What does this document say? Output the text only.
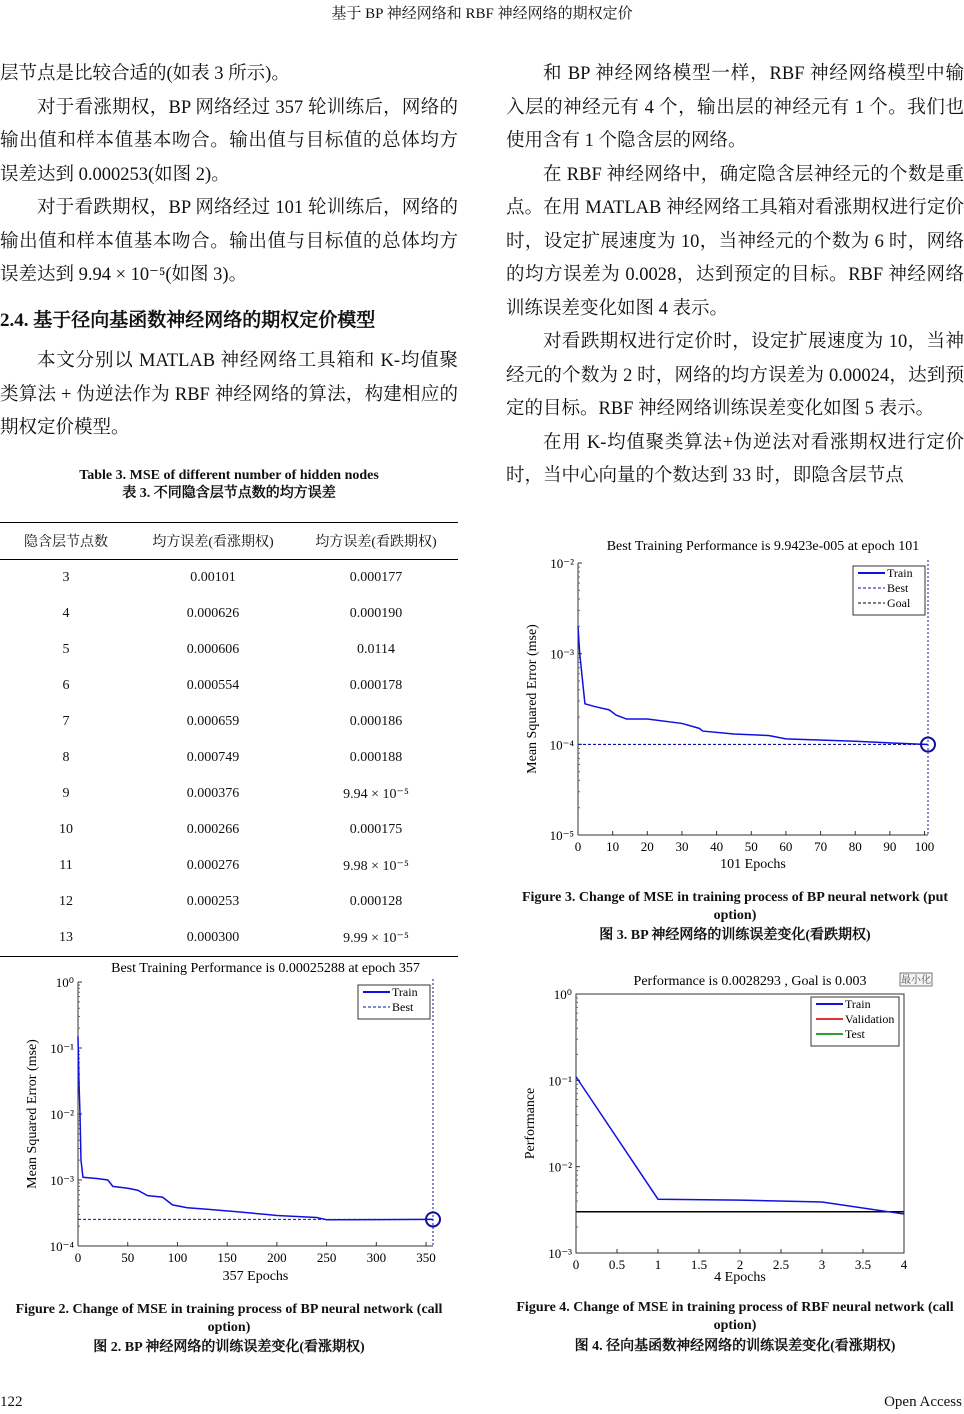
基于 BP 神经网络和 RBF 神经网络的期权定价

层节点是比较合适的(如表 3 所示)。

对于看涨期权，BP 网络经过 357 轮训练后，网络的输出值和样本值基本吻合。输出值与目标值的总体均方误差达到 0.000253(如图 2)。

对于看跌期权，BP 网络经过 101 轮训练后，网络的输出值和样本值基本吻合。输出值与目标值的总体均方误差达到 9.94 × 10⁻⁵(如图 3)。

2.4. 基于径向基函数神经网络的期权定价模型

本文分别以 MATLAB 神经网络工具箱和 K-均值聚类算法 + 伪逆法作为 RBF 神经网络的算法，构建相应的期权定价模型。

Table 3. MSE of different number of hidden nodes
表 3. 不同隐含层节点数的均方误差
隐含层节点数	均方误差(看涨期权)	均方误差(看跌期权)
3	0.00101	0.000177
4	0.000626	0.000190
5	0.000606	0.0114
6	0.000554	0.000178
7	0.000659	0.000186
8	0.000749	0.000188
9	0.000376	9.94 × 10⁻⁵
10	0.000266	0.000175
11	0.000276	9.98 × 10⁻⁵
12	0.000253	0.000128
13	0.000300	9.99 × 10⁻⁵
Best Training Performance is 0.00025288 at epoch 357
0	50	100 150 200 250 300 350
10⁻⁴
10⁻³
10⁻²
10⁻¹
10⁰
357 Epochs
Mean Squared Error (mse)
Train
Best
Figure 2. Change of MSE in training process of BP neural network (call option)
图 2. BP 神经网络的训练误差变化(看涨期权)

和 BP 神经网络模型一样，RBF 神经网络模型中输入层的神经元有 4 个，输出层的神经元有 1 个。我们也使用含有 1 个隐含层的网络。

在 RBF 神经网络中，确定隐含层神经元的个数是重点。在用 MATLAB 神经网络工具箱对看涨期权进行定价时，设定扩展速度为 10，当神经元的个数为 6 时，网络的均方误差为 0.0028，达到预定的目标。RBF 神经网络训练误差变化如图 4 表示。

对看跌期权进行定价时，设定扩展速度为 10，当神经元的个数为 2 时，网络的均方误差为 0.00024，达到预定的目标。RBF 神经网络训练误差变化如图 5 表示。

在用 K-均值聚类算法+伪逆法对看涨期权进行定价时，当中心向量的个数达到 33 时，即隐含层节点

Best Training Performance is 9.9423e-005 at epoch 101
0 10 20 30 40 50 60 70 80 90 100
10⁻⁵
10⁻⁴
10⁻³
10⁻²
101 Epochs
Mean Squared Error (mse)
Train
Best
Goal
Figure 3. Change of MSE in training process of BP neural network (put option)
图 3. BP 神经网络的训练误差变化(看跌期权)
Performance is 0.0028293 , Goal is 0.003
0 0.5 1 1.5 2 2.5 3 3.5 4
10⁻³
10⁻²
10⁻¹
10⁰
4 Epochs
Performance
Train
Validation
Test
最小化
Figure 4. Change of MSE in training process of RBF neural network (call option)
图 4. 径向基函数神经网络的训练误差变化(看涨期权)
122	Open Access
